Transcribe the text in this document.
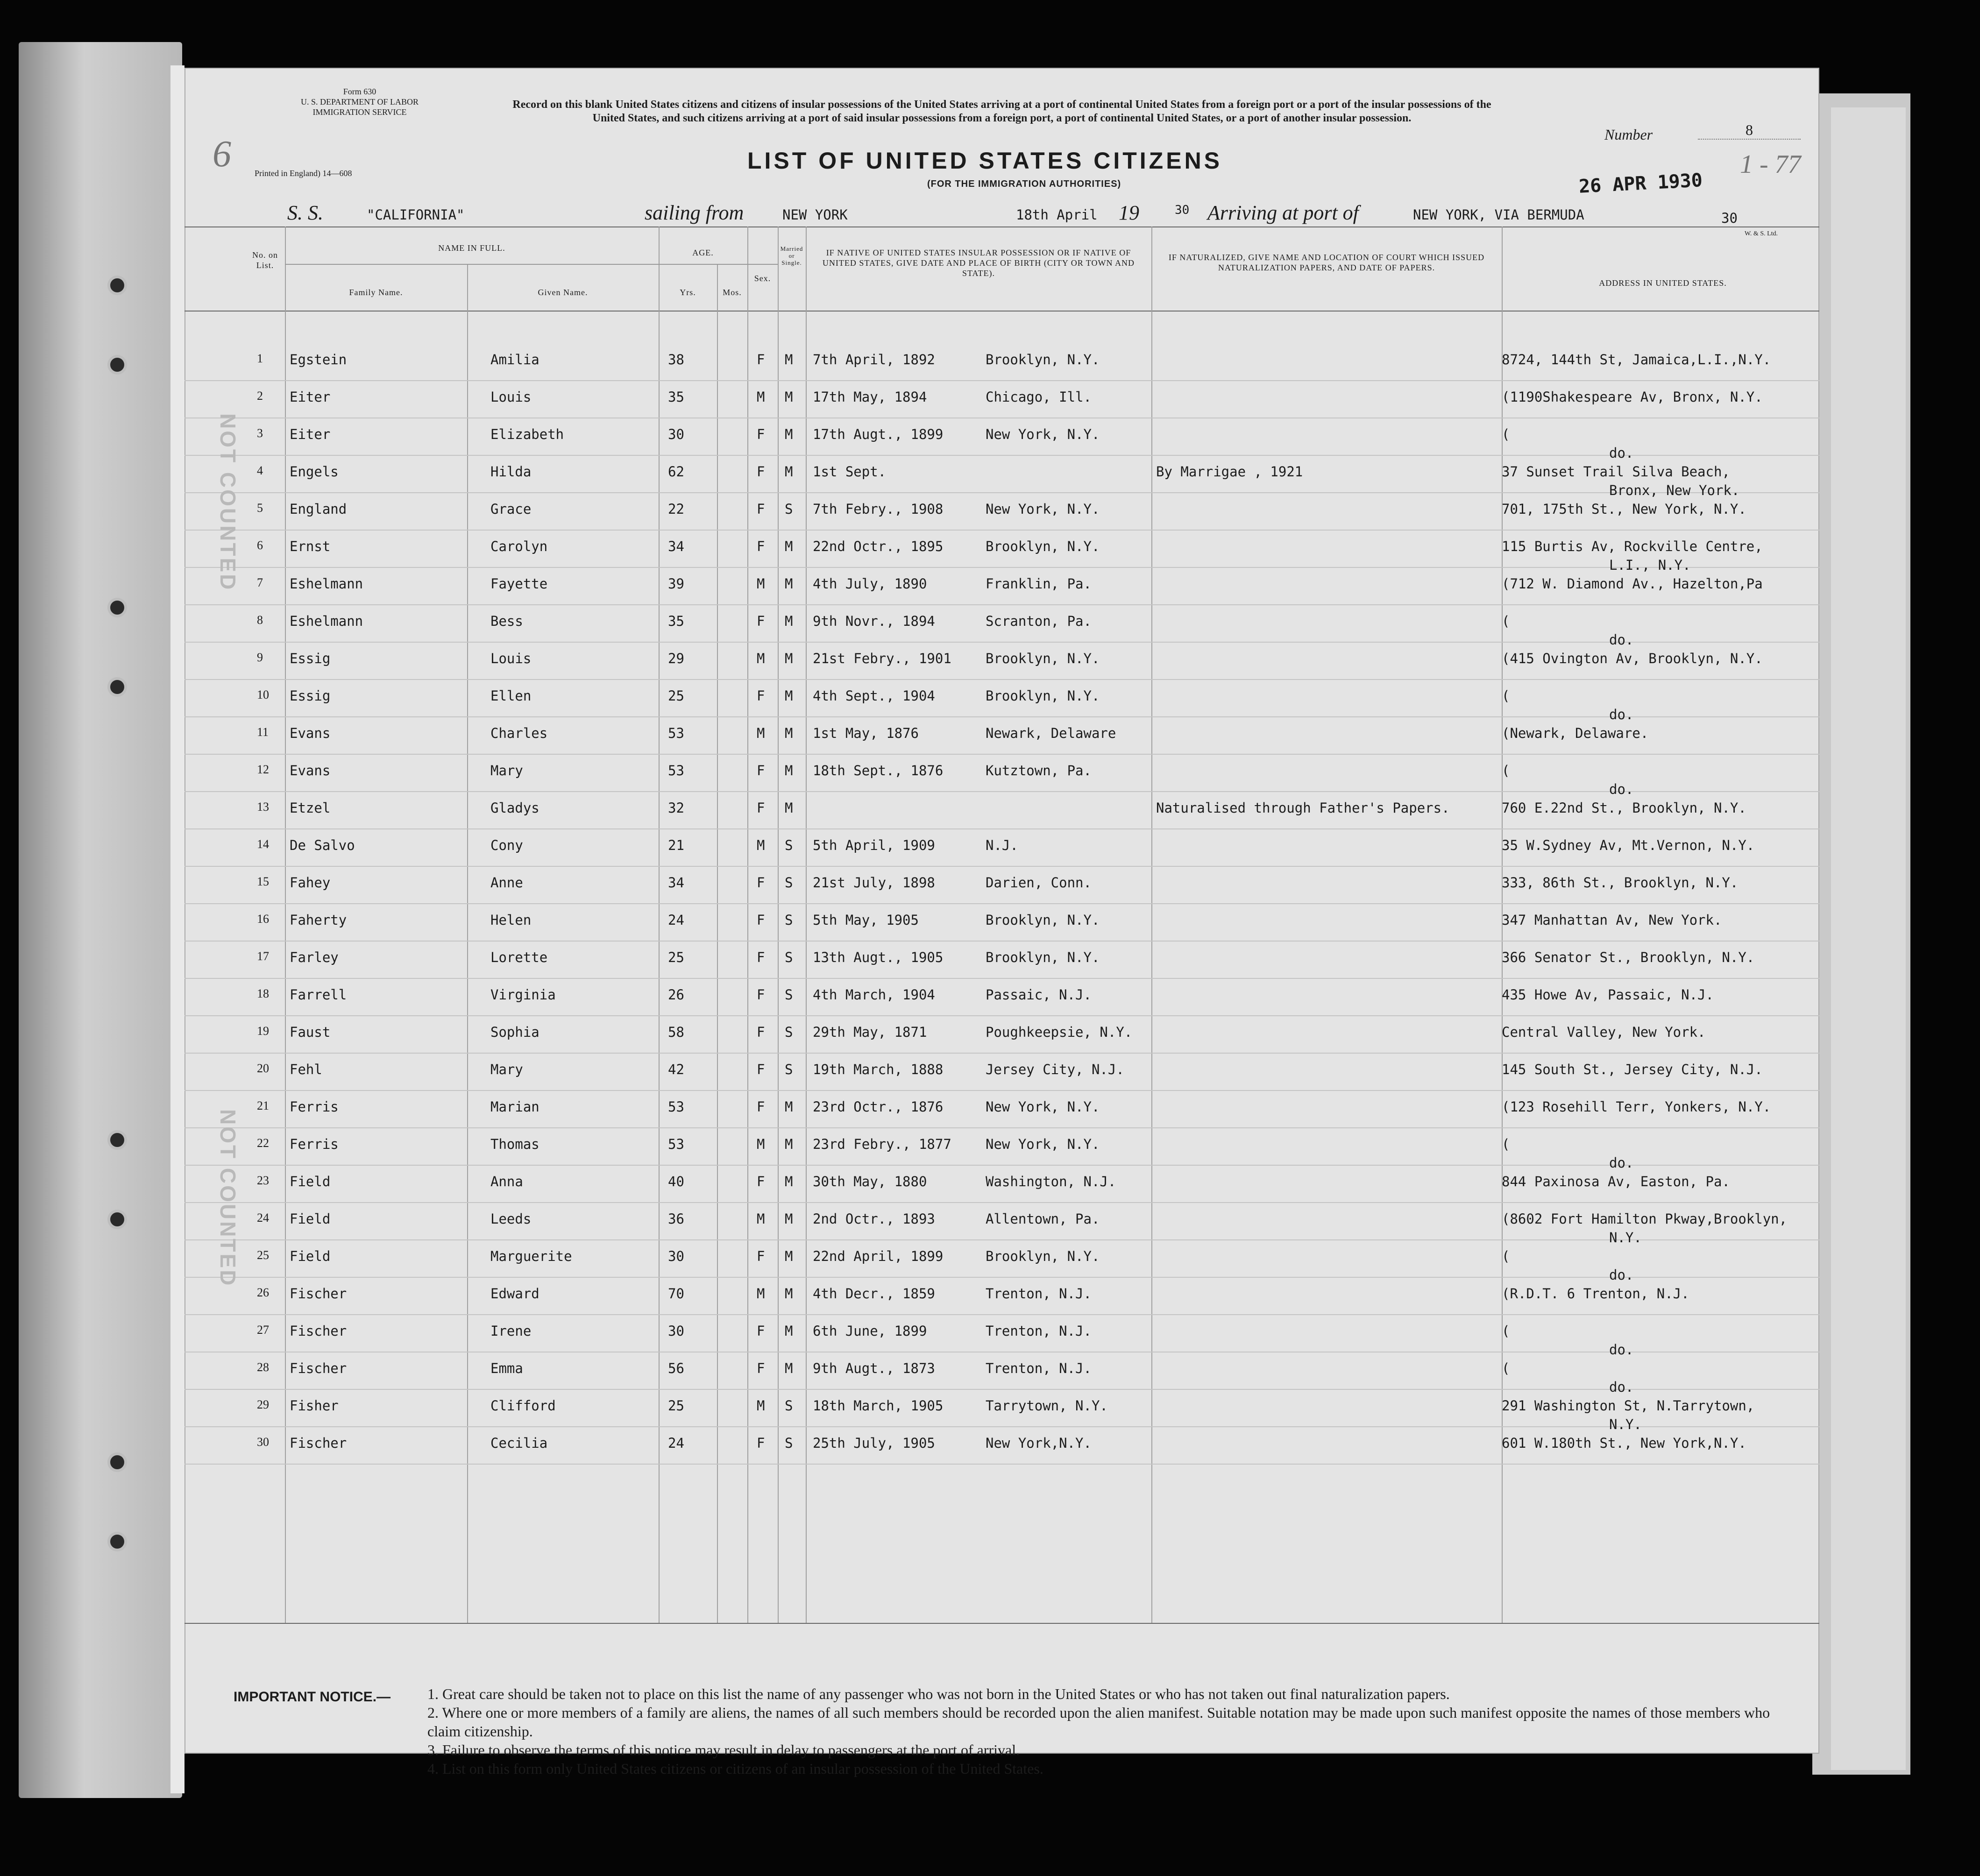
6
Form 630
U. S. DEPARTMENT OF LABOR
IMMIGRATION SERVICE
Printed in England) 14—608
Record on this blank United States citizens and citizens of insular possessions of the United States arriving at a port of continental United States from a foreign port or a port of the insular possessions of the United States, and such citizens arriving at a port of said insular possessions from a foreign port, a port of continental United States, or a port of another insular possession.
Number	8
1 - 77
LIST OF UNITED STATES CITIZENS
(FOR THE IMMIGRATION AUTHORITIES)	26 APR 1930
S. S.	"CALIFORNIA"	sailing from	NEW YORK	18th April 19	30 Arriving at port of	NEW YORK, VIA BERMUDA	30
W. & S. Ltd.
No. on List.
NAME IN FULL.
Family Name.	Given Name.
AGE.
Yrs.	Mos.
Sex.
Married or Single.
IF NATIVE OF UNITED STATES INSULAR POSSESSION OR IF NATIVE OF UNITED STATES, GIVE DATE AND PLACE OF BIRTH (CITY OR TOWN AND STATE).
IF NATURALIZED, GIVE NAME AND LOCATION OF COURT WHICH ISSUED NATURALIZATION PAPERS, AND DATE OF PAPERS.
ADDRESS IN UNITED STATES.
1 Egstein	Amilia	38	F M 7th April, 1892	Brooklyn, N.Y.	8724, 144th St, Jamaica,L.I.,N.Y.
2 Eiter	Louis	35	M M 17th May, 1894	Chicago, Ill.	(1190Shakespeare Av, Bronx, N.Y.
3 Eiter	Elizabeth	30	F M 17th Augt., 1899	New York, N.Y.	(
do.
4 Engels	Hilda	62	F M 1st Sept.	By Marrigae , 1921	37 Sunset Trail Silva Beach,
Bronx, New York.
5 England	Grace	22	F S 7th Febry., 1908	New York, N.Y.	701, 175th St., New York, N.Y.
6 Ernst	Carolyn	34	F M 22nd Octr., 1895	Brooklyn, N.Y.	115 Burtis Av, Rockville Centre,
L.I., N.Y.
7 Eshelmann	Fayette	39	M M 4th July, 1890	Franklin, Pa.	(712 W. Diamond Av., Hazelton,Pa
8 Eshelmann	Bess	35	F M 9th Novr., 1894	Scranton, Pa.	(
do.
9 Essig	Louis	29	M M 21st Febry., 1901	Brooklyn, N.Y.	(415 Ovington Av, Brooklyn, N.Y.
10 Essig	Ellen	25	F M 4th Sept., 1904	Brooklyn, N.Y.	(
do.
11 Evans	Charles	53	M M 1st May, 1876	Newark, Delaware	(Newark, Delaware.
12 Evans	Mary	53	F M 18th Sept., 1876	Kutztown, Pa.	(
do.
13 Etzel	Gladys	32	F M	Naturalised through Father's Papers.	760 E.22nd St., Brooklyn, N.Y.
14 De Salvo	Cony	21	M S 5th April, 1909	N.J.	35 W.Sydney Av, Mt.Vernon, N.Y.
15 Fahey	Anne	34	F S 21st July, 1898	Darien, Conn.	333, 86th St., Brooklyn, N.Y.
16 Faherty	Helen	24	F S 5th May, 1905	Brooklyn, N.Y.	347 Manhattan Av, New York.
17 Farley	Lorette	25	F S 13th Augt., 1905	Brooklyn, N.Y.	366 Senator St., Brooklyn, N.Y.
18 Farrell	Virginia	26	F S 4th March, 1904	Passaic, N.J.	435 Howe Av, Passaic, N.J.
19 Faust	Sophia	58	F S 29th May, 1871	Poughkeepsie, N.Y.	Central Valley, New York.
20 Fehl	Mary	42	F S 19th March, 1888	Jersey City, N.J.	145 South St., Jersey City, N.J.
21 Ferris	Marian	53	F M 23rd Octr., 1876	New York, N.Y.	(123 Rosehill Terr, Yonkers, N.Y.
22 Ferris	Thomas	53	M M 23rd Febry., 1877	New York, N.Y.	(
do.
23 Field	Anna	40	F M 30th May, 1880	Washington, N.J.	844 Paxinosa Av, Easton, Pa.
24 Field	Leeds	36	M M 2nd Octr., 1893	Allentown, Pa.	(8602 Fort Hamilton Pkway,Brooklyn,
N.Y.
25 Field	Marguerite	30	F M 22nd April, 1899	Brooklyn, N.Y.	(
do.
26 Fischer	Edward	70	M M 4th Decr., 1859	Trenton, N.J.	(R.D.T. 6 Trenton, N.J.
27 Fischer	Irene	30	F M 6th June, 1899	Trenton, N.J.	(
do.
28 Fischer	Emma	56	F M 9th Augt., 1873	Trenton, N.J.	(
do.
29 Fisher	Clifford	25	M S 18th March, 1905	Tarrytown, N.Y.	291 Washington St, N.Tarrytown,
N.Y.
30 Fischer	Cecilia	24	F S 25th July, 1905	New York,N.Y.	601 W.180th St., New York,N.Y.
NOT COUNTED
NOT COUNTED
IMPORTANT NOTICE.— 1. Great care should be taken not to place on this list the name of any passenger who was not born in the United States or who has not taken out final naturalization papers.
2. Where one or more members of a family are aliens, the names of all such members should be recorded upon the alien manifest. Suitable notation may be made upon such manifest opposite the names of those members who claim citizenship.
3. Failure to observe the terms of this notice may result in delay to passengers at the port of arrival.
4. List on this form only United States citizens or citizens of an insular possession of the United States.
